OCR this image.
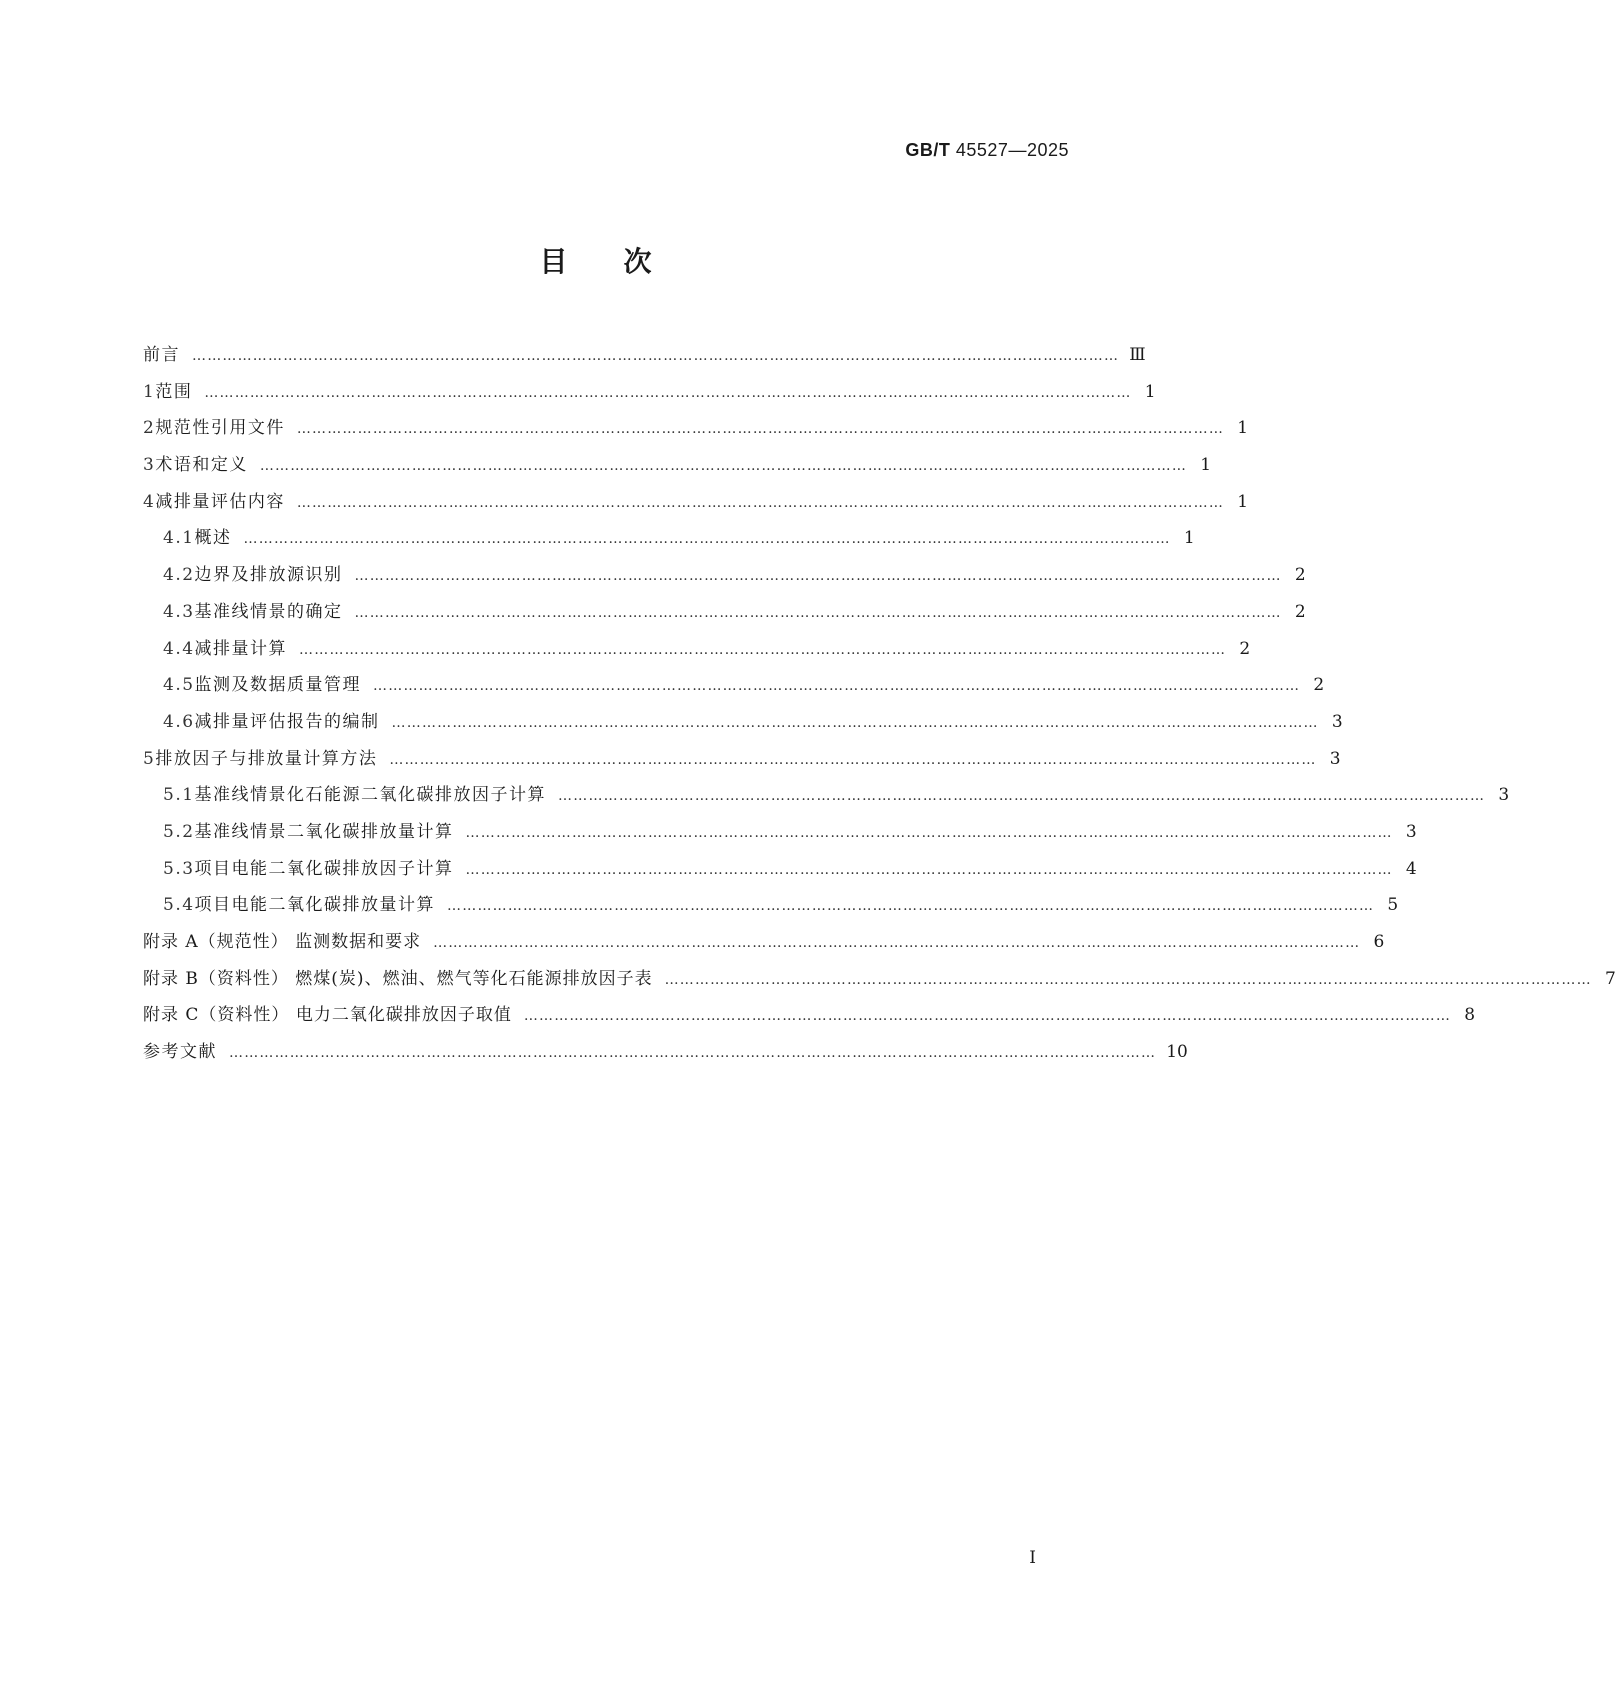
GB/T 45527—2025
目次
前言 ………………………………………………………………………………………………………………………………………………………………… Ⅲ
1 范围 ………………………………………………………………………………………………………………………………………………………………… 1
2 规范性引用文件 ………………………………………………………………………………………………………………………………………………………………… 1
3 术语和定义 ………………………………………………………………………………………………………………………………………………………………… 1
4 减排量评估内容 ………………………………………………………………………………………………………………………………………………………………… 1
4.1 概述 ………………………………………………………………………………………………………………………………………………………………… 1
4.2 边界及排放源识别 ………………………………………………………………………………………………………………………………………………………………… 2
4.3 基准线情景的确定 ………………………………………………………………………………………………………………………………………………………………… 2
4.4 减排量计算 ………………………………………………………………………………………………………………………………………………………………… 2
4.5 监测及数据质量管理 ………………………………………………………………………………………………………………………………………………………………… 2
4.6 减排量评估报告的编制 ………………………………………………………………………………………………………………………………………………………………… 3
5 排放因子与排放量计算方法 ………………………………………………………………………………………………………………………………………………………………… 3
5.1 基准线情景化石能源二氧化碳排放因子计算 ………………………………………………………………………………………………………………………………………………………………… 3
5.2 基准线情景二氧化碳排放量计算 ………………………………………………………………………………………………………………………………………………………………… 3
5.3 项目电能二氧化碳排放因子计算 ………………………………………………………………………………………………………………………………………………………………… 4
5.4 项目电能二氧化碳排放量计算 ………………………………………………………………………………………………………………………………………………………………… 5
附录 A（规范性） 监测数据和要求 ………………………………………………………………………………………………………………………………………………………………… 6
附录 B（资料性） 燃煤(炭)、燃油、燃气等化石能源排放因子表 ………………………………………………………………………………………………………………………………………………………………… 7
附录 C（资料性） 电力二氧化碳排放因子取值 ………………………………………………………………………………………………………………………………………………………………… 8
参考文献 ………………………………………………………………………………………………………………………………………………………………… 10
Ⅰ
